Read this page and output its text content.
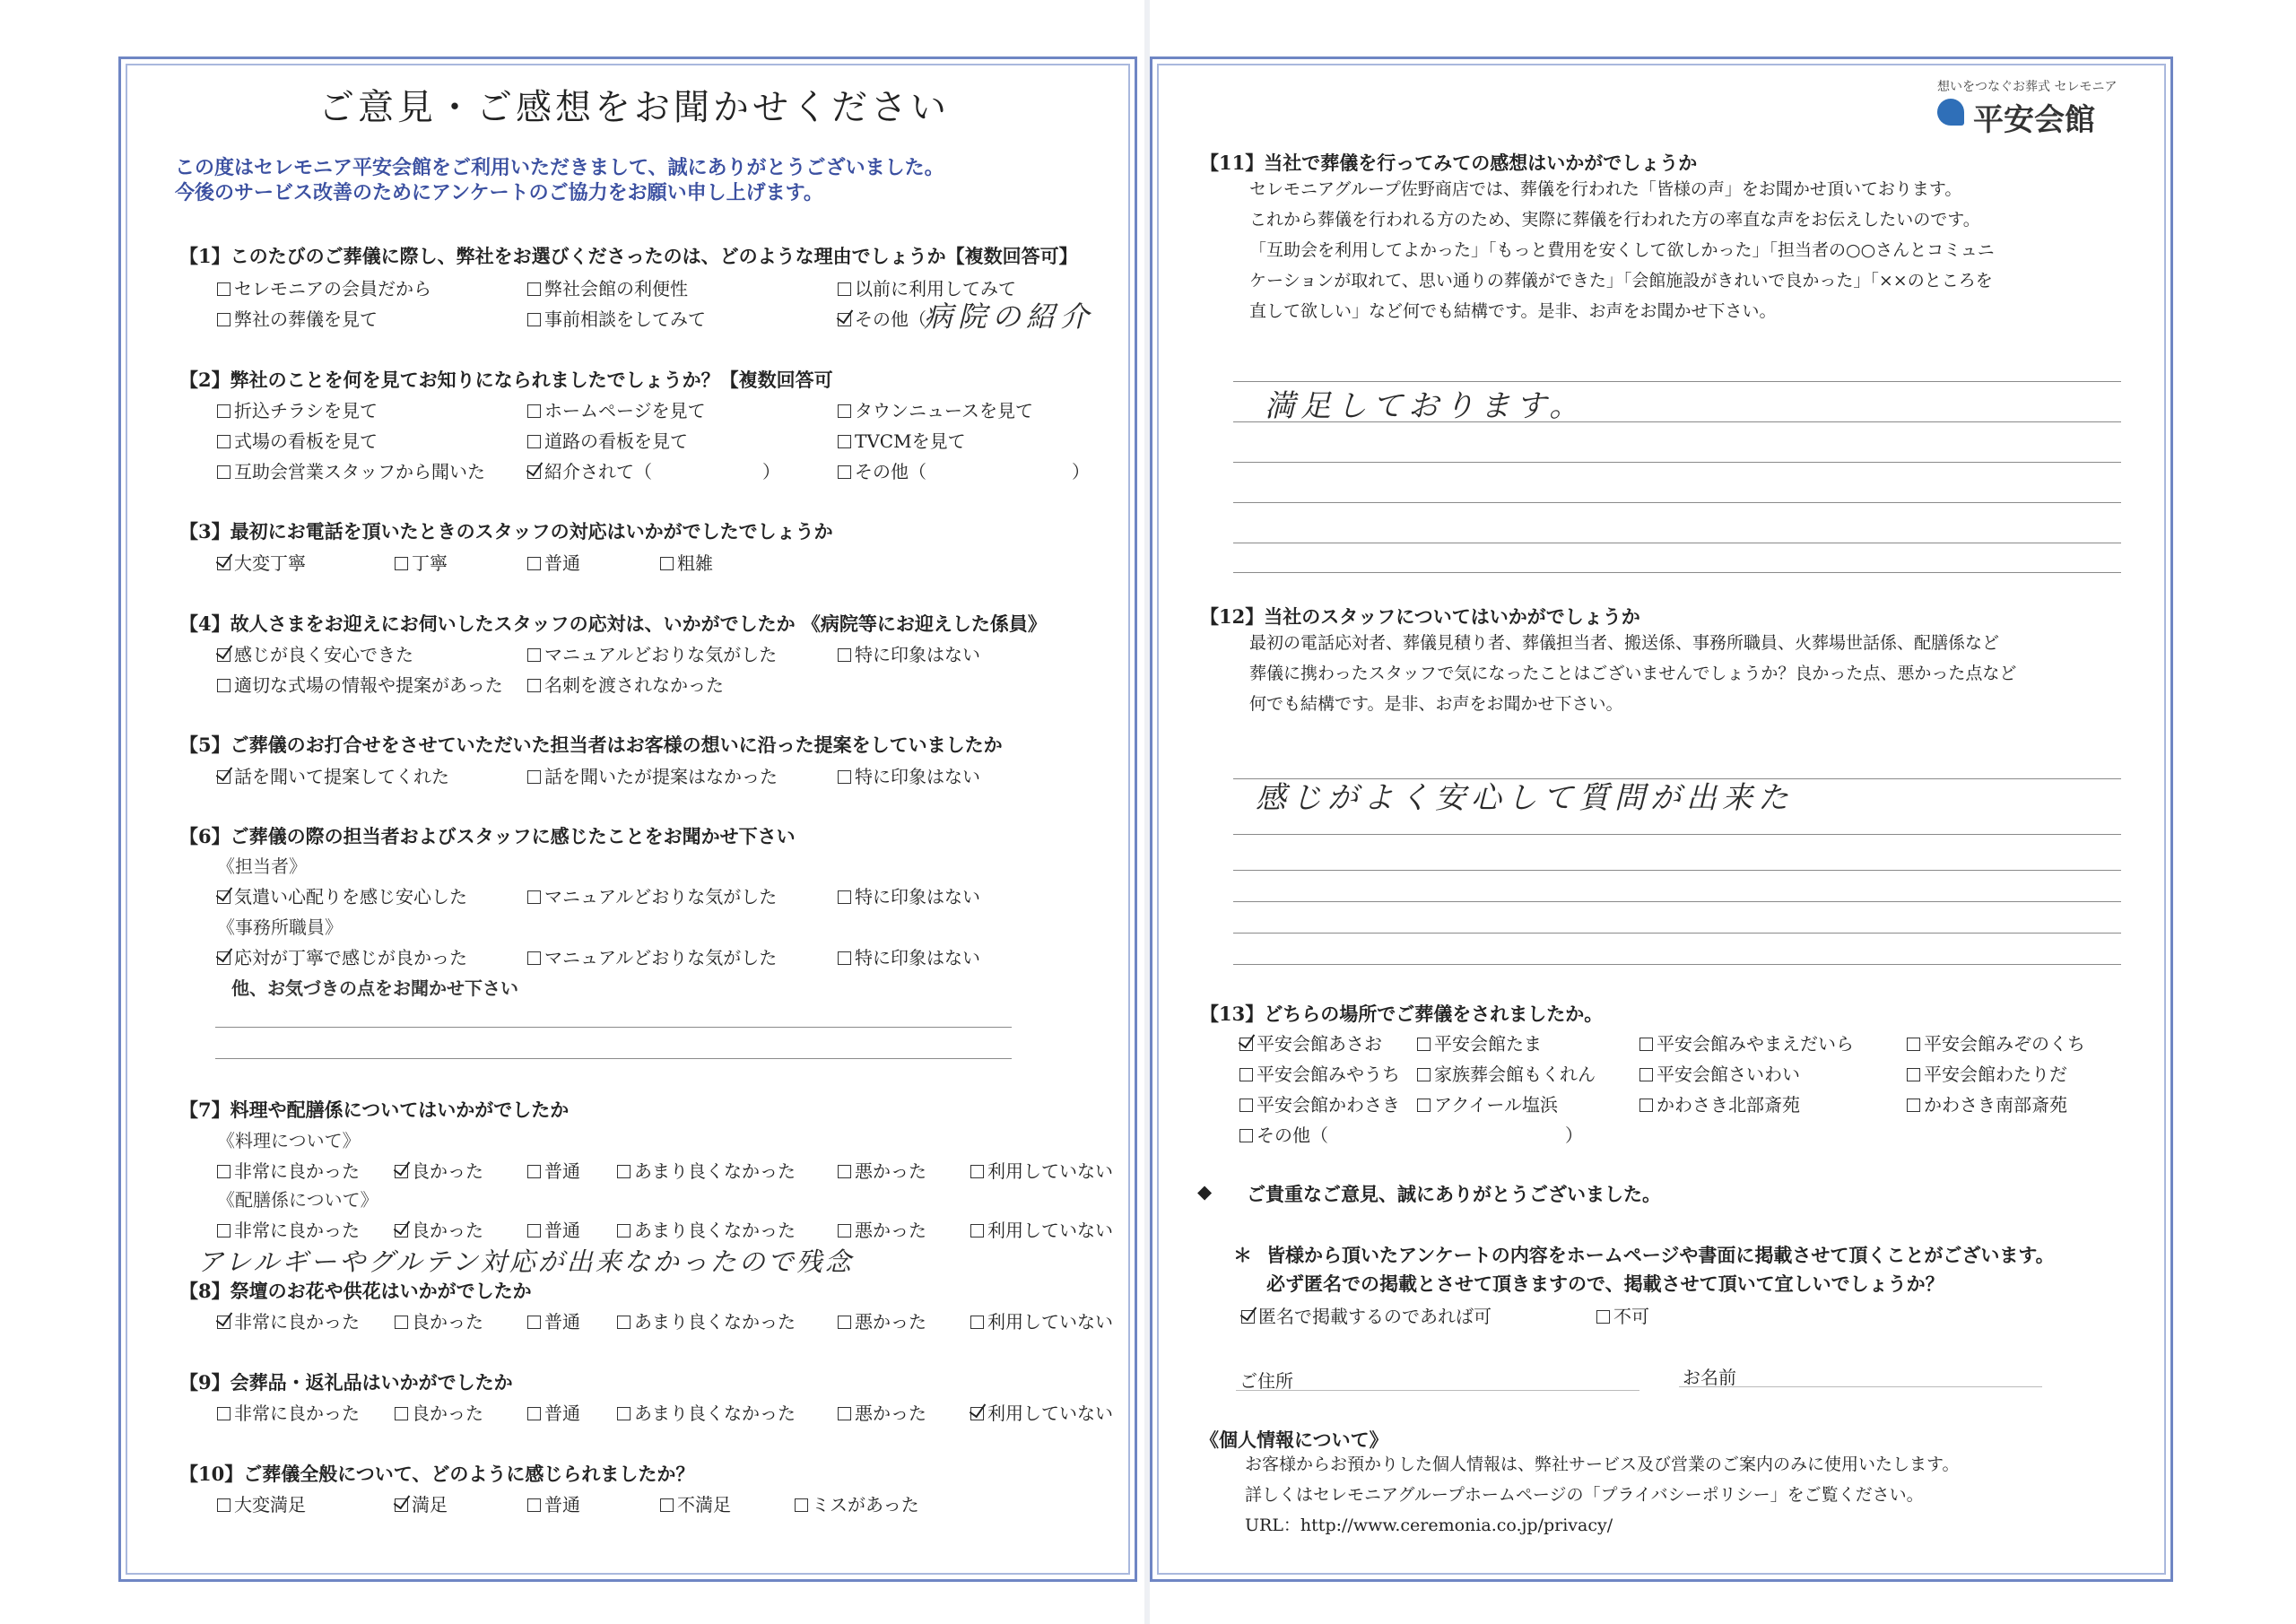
ご意見・ご感想をお聞かせください
この度はセレモニア平安会館をご利用いただきまして、誠にありがとうございました。
今後のサービス改善のためにアンケートのご協力をお願い申し上げます。
【1】このたびのご葬儀に際し、弊社をお選びくださったのは、どのような理由でしょうか【複数回答可】
セレモニアの会員だから	弊社会館の利便性	以前に利用してみて
弊社の葬儀を見て	事前相談をしてみて	その他（
病院の紹介
【2】弊社のことを何を見てお知りになられましたでしょうか？【複数回答可
折込チラシを見て	ホームページを見て	タウンニュースを見て
式場の看板を見て	道路の看板を見て	TVCMを見て
互助会営業スタッフから聞いた	紹介されて（	）	その他（	）
【3】最初にお電話を頂いたときのスタッフの対応はいかがでしたでしょうか
大変丁寧	丁寧	普通	粗雑
【4】故人さまをお迎えにお伺いしたスタッフの応対は、いかがでしたか 《病院等にお迎えした係員》
感じが良く安心できた	マニュアルどおりな気がした	特に印象はない
適切な式場の情報や提案があった	名刺を渡されなかった
【5】ご葬儀のお打合せをさせていただいた担当者はお客様の想いに沿った提案をしていましたか
話を聞いて提案してくれた	話を聞いたが提案はなかった	特に印象はない
【6】ご葬儀の際の担当者およびスタッフに感じたことをお聞かせ下さい
《担当者》
気遣い心配りを感じ安心した	マニュアルどおりな気がした	特に印象はない
《事務所職員》
応対が丁寧で感じが良かった	マニュアルどおりな気がした	特に印象はない
他、お気づきの点をお聞かせ下さい
【7】料理や配膳係についてはいかがでしたか
《料理について》
非常に良かった	良かった	普通	あまり良くなかった	悪かった	利用していない
《配膳係について》
非常に良かった	良かった	普通	あまり良くなかった	悪かった	利用していない
アレルギーやグルテン対応が出来なかったので残念
【8】祭壇のお花や供花はいかがでしたか
非常に良かった	良かった	普通	あまり良くなかった	悪かった	利用していない
【9】会葬品・返礼品はいかがでしたか
非常に良かった	良かった	普通	あまり良くなかった	悪かった	利用していない
【10】ご葬儀全般について、どのように感じられましたか？
大変満足	満足	普通	不満足	ミスがあった
想いをつなぐお葬式 セレモニア
平安会館
【11】当社で葬儀を行ってみての感想はいかがでしょうか
セレモニアグループ佐野商店では、葬儀を行われた「皆様の声」をお聞かせ頂いております。
これから葬儀を行われる方のため、実際に葬儀を行われた方の率直な声をお伝えしたいのです。
「互助会を利用してよかった」「もっと費用を安くして欲しかった」「担当者の○○さんとコミュニ
ケーションが取れて、思い通りの葬儀ができた」「会館施設がきれいで良かった」「××のところを
直して欲しい」など何でも結構です。是非、お声をお聞かせ下さい。
満足しております。
【12】当社のスタッフについてはいかがでしょうか
最初の電話応対者、葬儀見積り者、葬儀担当者、搬送係、事務所職員、火葬場世話係、配膳係など
葬儀に携わったスタッフで気になったことはございませんでしょうか？良かった点、悪かった点など
何でも結構です。是非、お声をお聞かせ下さい。
感じがよく安心して質問が出来た
【13】どちらの場所でご葬儀をされましたか。
平安会館あさお	平安会館たま	平安会館みやまえだいら	平安会館みぞのくち
平安会館みやうち	家族葬会館もくれん	平安会館さいわい	平安会館わたりだ
平安会館かわさき	アクイール塩浜	かわさき北部斎苑	かわさき南部斎苑
その他（	）
◆ ご貴重なご意見、誠にありがとうございました。
＊ 皆様から頂いたアンケートの内容をホームページや書面に掲載させて頂くことがございます。
必ず匿名での掲載とさせて頂きますので、掲載させて頂いて宜しいでしょうか？
匿名で掲載するのであれば可	不可
ご住所	お名前
《個人情報について》
お客様からお預かりした個人情報は、弊社サービス及び営業のご案内のみに使用いたします。
詳しくはセレモニアグループホームページの「プライバシーポリシー」をご覧ください。
URL：http://www.ceremonia.co.jp/privacy/
